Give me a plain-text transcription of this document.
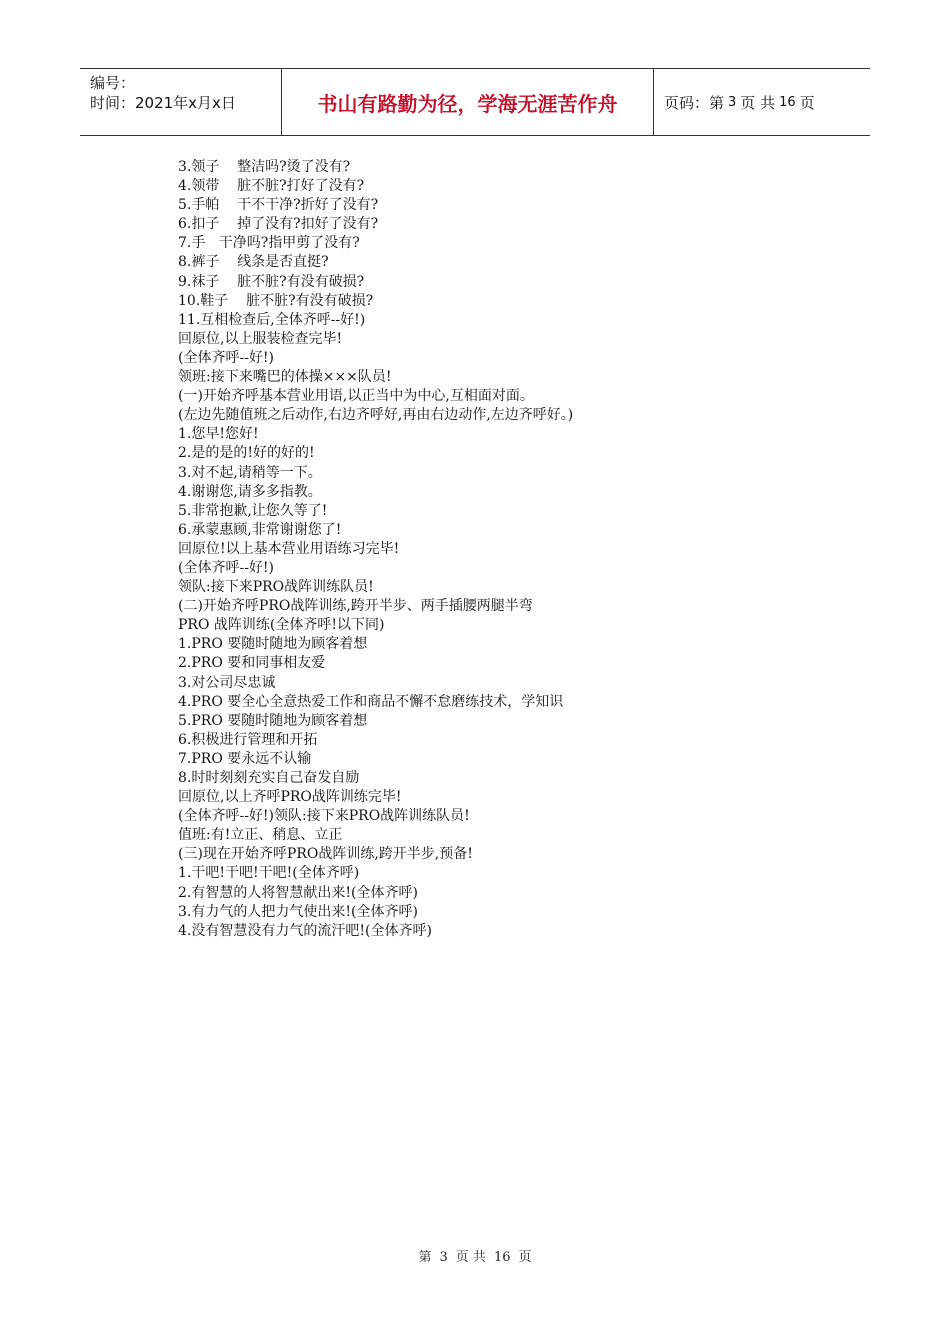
编号：
时间：2021年x月x日	书山有路勤为径，学海无涯苦作舟	页码：第 3 页 共 16 页
3.领子    整洁吗?烫了没有?
4.领带    脏不脏?打好了没有?
5.手帕    干不干净?折好了没有?
6.扣子    掉了没有?扣好了没有?
7.手   干净吗?指甲剪了没有?
8.裤子    线条是否直挺?
9.袜子    脏不脏?有没有破损?
10.鞋子    脏不脏?有没有破损?
11.互相检查后,全体齐呼--好!)
回原位,以上服装检查完毕!
(全体齐呼--好!)
领班:接下来嘴巴的体操×××队员!
(一)开始齐呼基本营业用语,以正当中为中心,互相面对面。
(左边先随值班之后动作,右边齐呼好,再由右边动作,左边齐呼好。)
1.您早!您好!
2.是的是的!好的好的!
3.对不起,请稍等一下。
4.谢谢您,请多多指教。
5.非常抱歉,让您久等了!
6.承蒙惠顾,非常谢谢您了!
回原位!以上基本营业用语练习完毕!
(全体齐呼--好!)
领队:接下来PRO战阵训练队员!
(二)开始齐呼PRO战阵训练,跨开半步、两手插腰两腿半弯
PRO 战阵训练(全体齐呼!以下同)
1.PRO 要随时随地为顾客着想
2.PRO 要和同事相友爱
3.对公司尽忠诚
4.PRO 要全心全意热爱工作和商品不懈不怠磨练技术，学知识
5.PRO 要随时随地为顾客着想
6.积极进行管理和开拓
7.PRO 要永远不认输
8.时时刻刻充实自己奋发自励
回原位,以上齐呼PRO战阵训练完毕!
(全体齐呼--好!)领队:接下来PRO战阵训练队员!
值班:有!立正、稍息、立正
(三)现在开始齐呼PRO战阵训练,跨开半步,预备!
1.干吧!干吧!干吧!(全体齐呼)
2.有智慧的人将智慧献出来!(全体齐呼)
3.有力气的人把力气使出来!(全体齐呼)
4.没有智慧没有力气的流汗吧!(全体齐呼)
第 3 页 共 16 页
